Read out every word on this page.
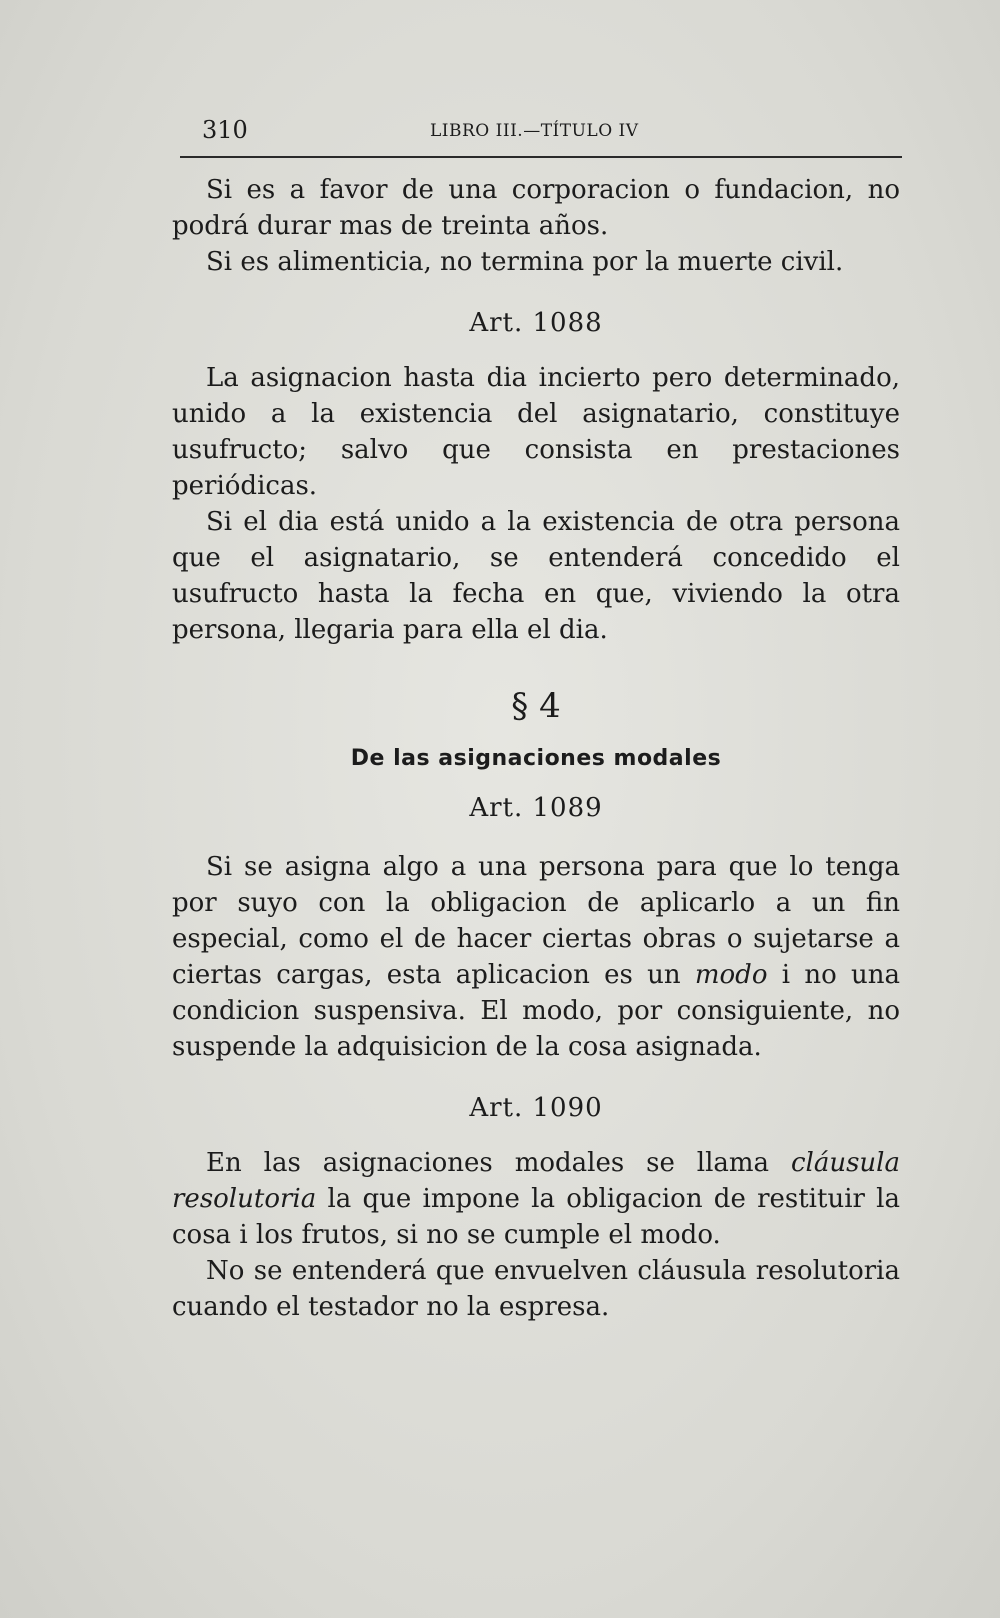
310	LIBRO III.—TÍTULO IV

Si es a favor de una corporacion o fundacion, no podrá durar mas de treinta años.

Si es alimenticia, no termina por la muerte civil.

Art. 1088

La asignacion hasta dia incierto pero determinado, unido a la existencia del asignatario, constituye usufructo; salvo que consista en prestaciones periódicas.

Si el dia está unido a la existencia de otra persona que el asignatario, se entenderá concedido el usufructo hasta la fecha en que, viviendo la otra persona, llegaria para ella el dia.

§ 4
De las asignaciones modales
Art. 1089

Si se asigna algo a una persona para que lo tenga por suyo con la obligacion de aplicarlo a un fin especial, como el de hacer ciertas obras o sujetarse a ciertas cargas, esta aplicacion es un modo i no una condicion suspensiva. El modo, por consiguiente, no suspende la adquisicion de la cosa asignada.

Art. 1090

En las asignaciones modales se llama cláusula resolutoria la que impone la obligacion de restituir la cosa i los frutos, si no se cumple el modo.

No se entenderá que envuelven cláusula resolutoria cuando el testador no la espresa.
